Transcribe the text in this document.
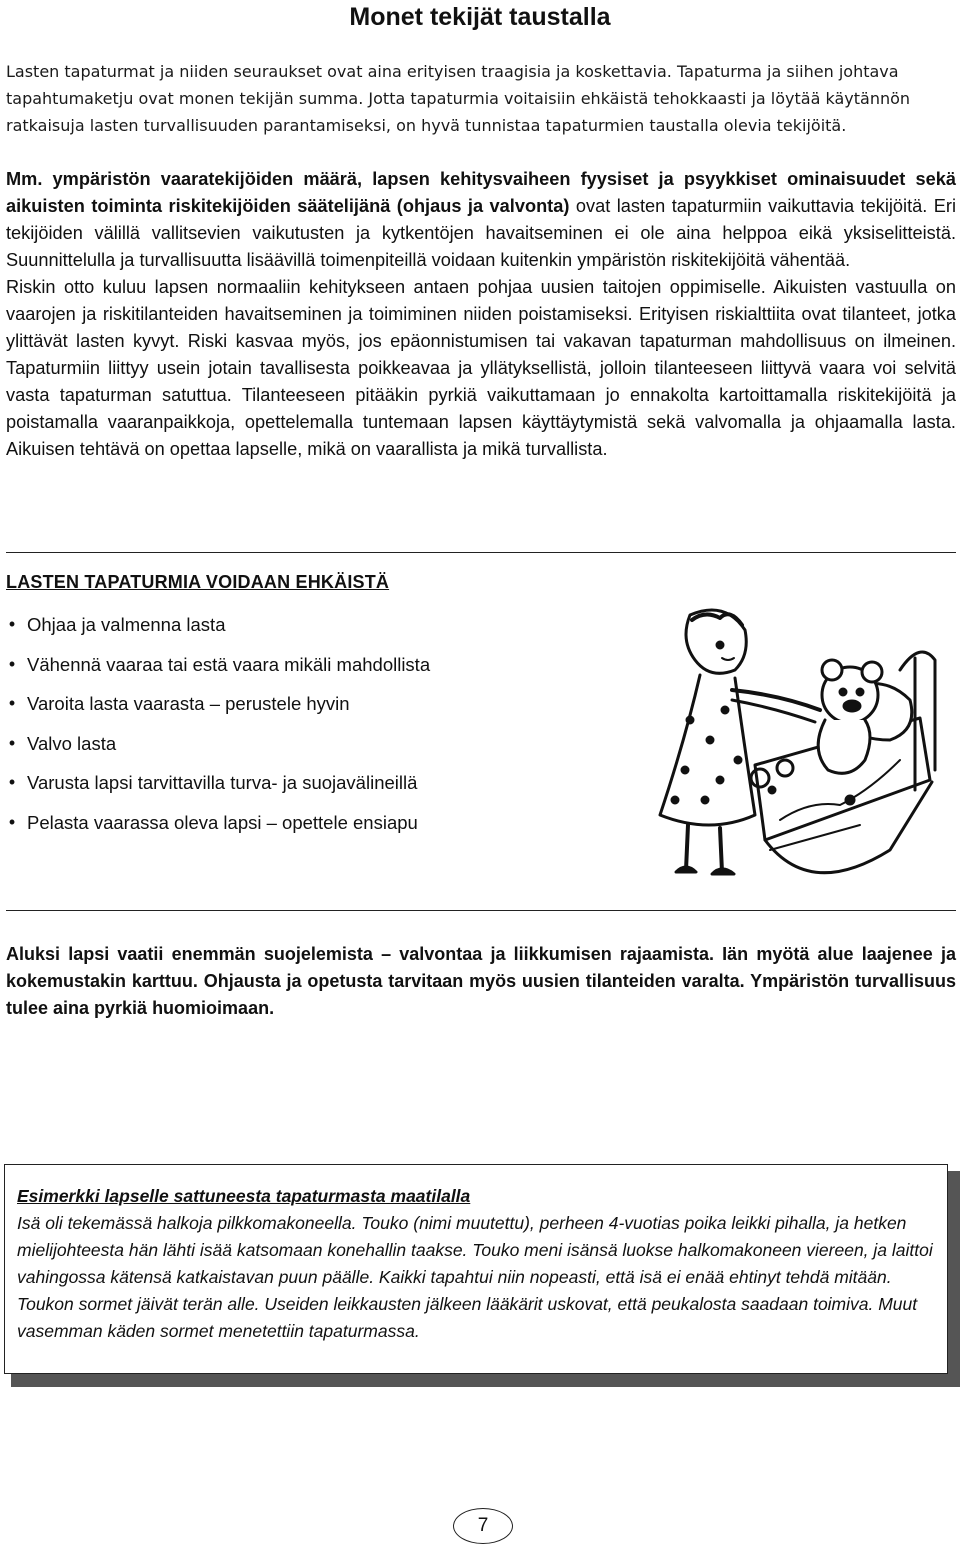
Monet tekijät taustalla

Lasten tapaturmat ja niiden seuraukset ovat aina erityisen traagisia ja koskettavia. Tapaturma ja siihen johtava tapahtumaketju ovat monen tekijän summa. Jotta tapaturmia voitaisiin ehkäistä tehokkaasti ja löytää käytännön ratkaisuja lasten turvallisuuden parantamiseksi, on hyvä tunnistaa tapaturmien taustalla olevia tekijöitä.

Mm. ympäristön vaaratekijöiden määrä, lapsen kehitysvaiheen fyysiset ja psyykkiset ominaisuudet sekä aikuisten toiminta riskitekijöiden säätelijänä (ohjaus ja valvonta) ovat lasten tapaturmiin vaikuttavia tekijöitä. Eri tekijöiden välillä vallitsevien vaikutusten ja kytkentöjen havaitseminen ei ole aina helppoa eikä yksiselitteistä. Suunnittelulla ja turvallisuutta lisäävillä toimenpiteillä voidaan kuitenkin ympäristön riskitekijöitä vähentää.

Riskin otto kuluu lapsen normaaliin kehitykseen antaen pohjaa uusien taitojen oppimiselle. Aikuisten vastuulla on vaarojen ja riskitilanteiden havaitseminen ja toimiminen niiden poistamiseksi. Erityisen riskialttiita ovat tilanteet, jotka ylittävät lasten kyvyt. Riski kasvaa myös, jos epäonnistumisen tai vakavan tapaturman mahdollisuus on ilmeinen. Tapaturmiin liittyy usein jotain tavallisesta poikkeavaa ja yllätyksellistä, jolloin tilanteeseen liittyvä vaara voi selvitä vasta tapaturman satuttua. Tilanteeseen pitääkin pyrkiä vaikuttamaan jo ennakolta kartoittamalla riskitekijöitä ja poistamalla vaaranpaikkoja, opettelemalla tuntemaan lapsen käyttäytymistä sekä valvomalla ja ohjaamalla lasta. Aikuisen tehtävä on opettaa lapselle, mikä on vaarallista ja mikä turvallista.

LASTEN TAPATURMIA VOIDAAN EHKÄISTÄ
• Ohjaa ja valmenna lasta
• Vähennä vaaraa tai estä vaara mikäli mahdollista
• Varoita lasta vaarasta – perustele hyvin
• Valvo lasta
• Varusta lapsi tarvittavilla turva- ja suojavälineillä
• Pelasta vaarassa oleva lapsi – opettele ensiapu

Aluksi lapsi vaatii enemmän suojelemista – valvontaa ja liikkumisen rajaamista. Iän myötä alue laajenee ja kokemustakin karttuu. Ohjausta ja opetusta tarvitaan myös uusien tilanteiden varalta. Ympäristön turvallisuus tulee aina pyrkiä huomioimaan.

Esimerkki lapselle sattuneesta tapaturmasta maatilalla

Isä oli tekemässä halkoja pilkkomakoneella. Touko (nimi muutettu), perheen 4-vuotias poika leikki pihalla, ja hetken mielijohteesta hän lähti isää katsomaan konehallin taakse. Touko meni isänsä luokse halkomakoneen viereen, ja laittoi vahingossa kätensä katkaistavan puun päälle. Kaikki tapahtui niin nopeasti, että isä ei enää ehtinyt tehdä mitään. Toukon sormet jäivät terän alle. Useiden leikkausten jälkeen lääkärit uskovat, että peukalosta saadaan toimiva. Muut vasemman käden sormet menetettiin tapaturmassa.

7
